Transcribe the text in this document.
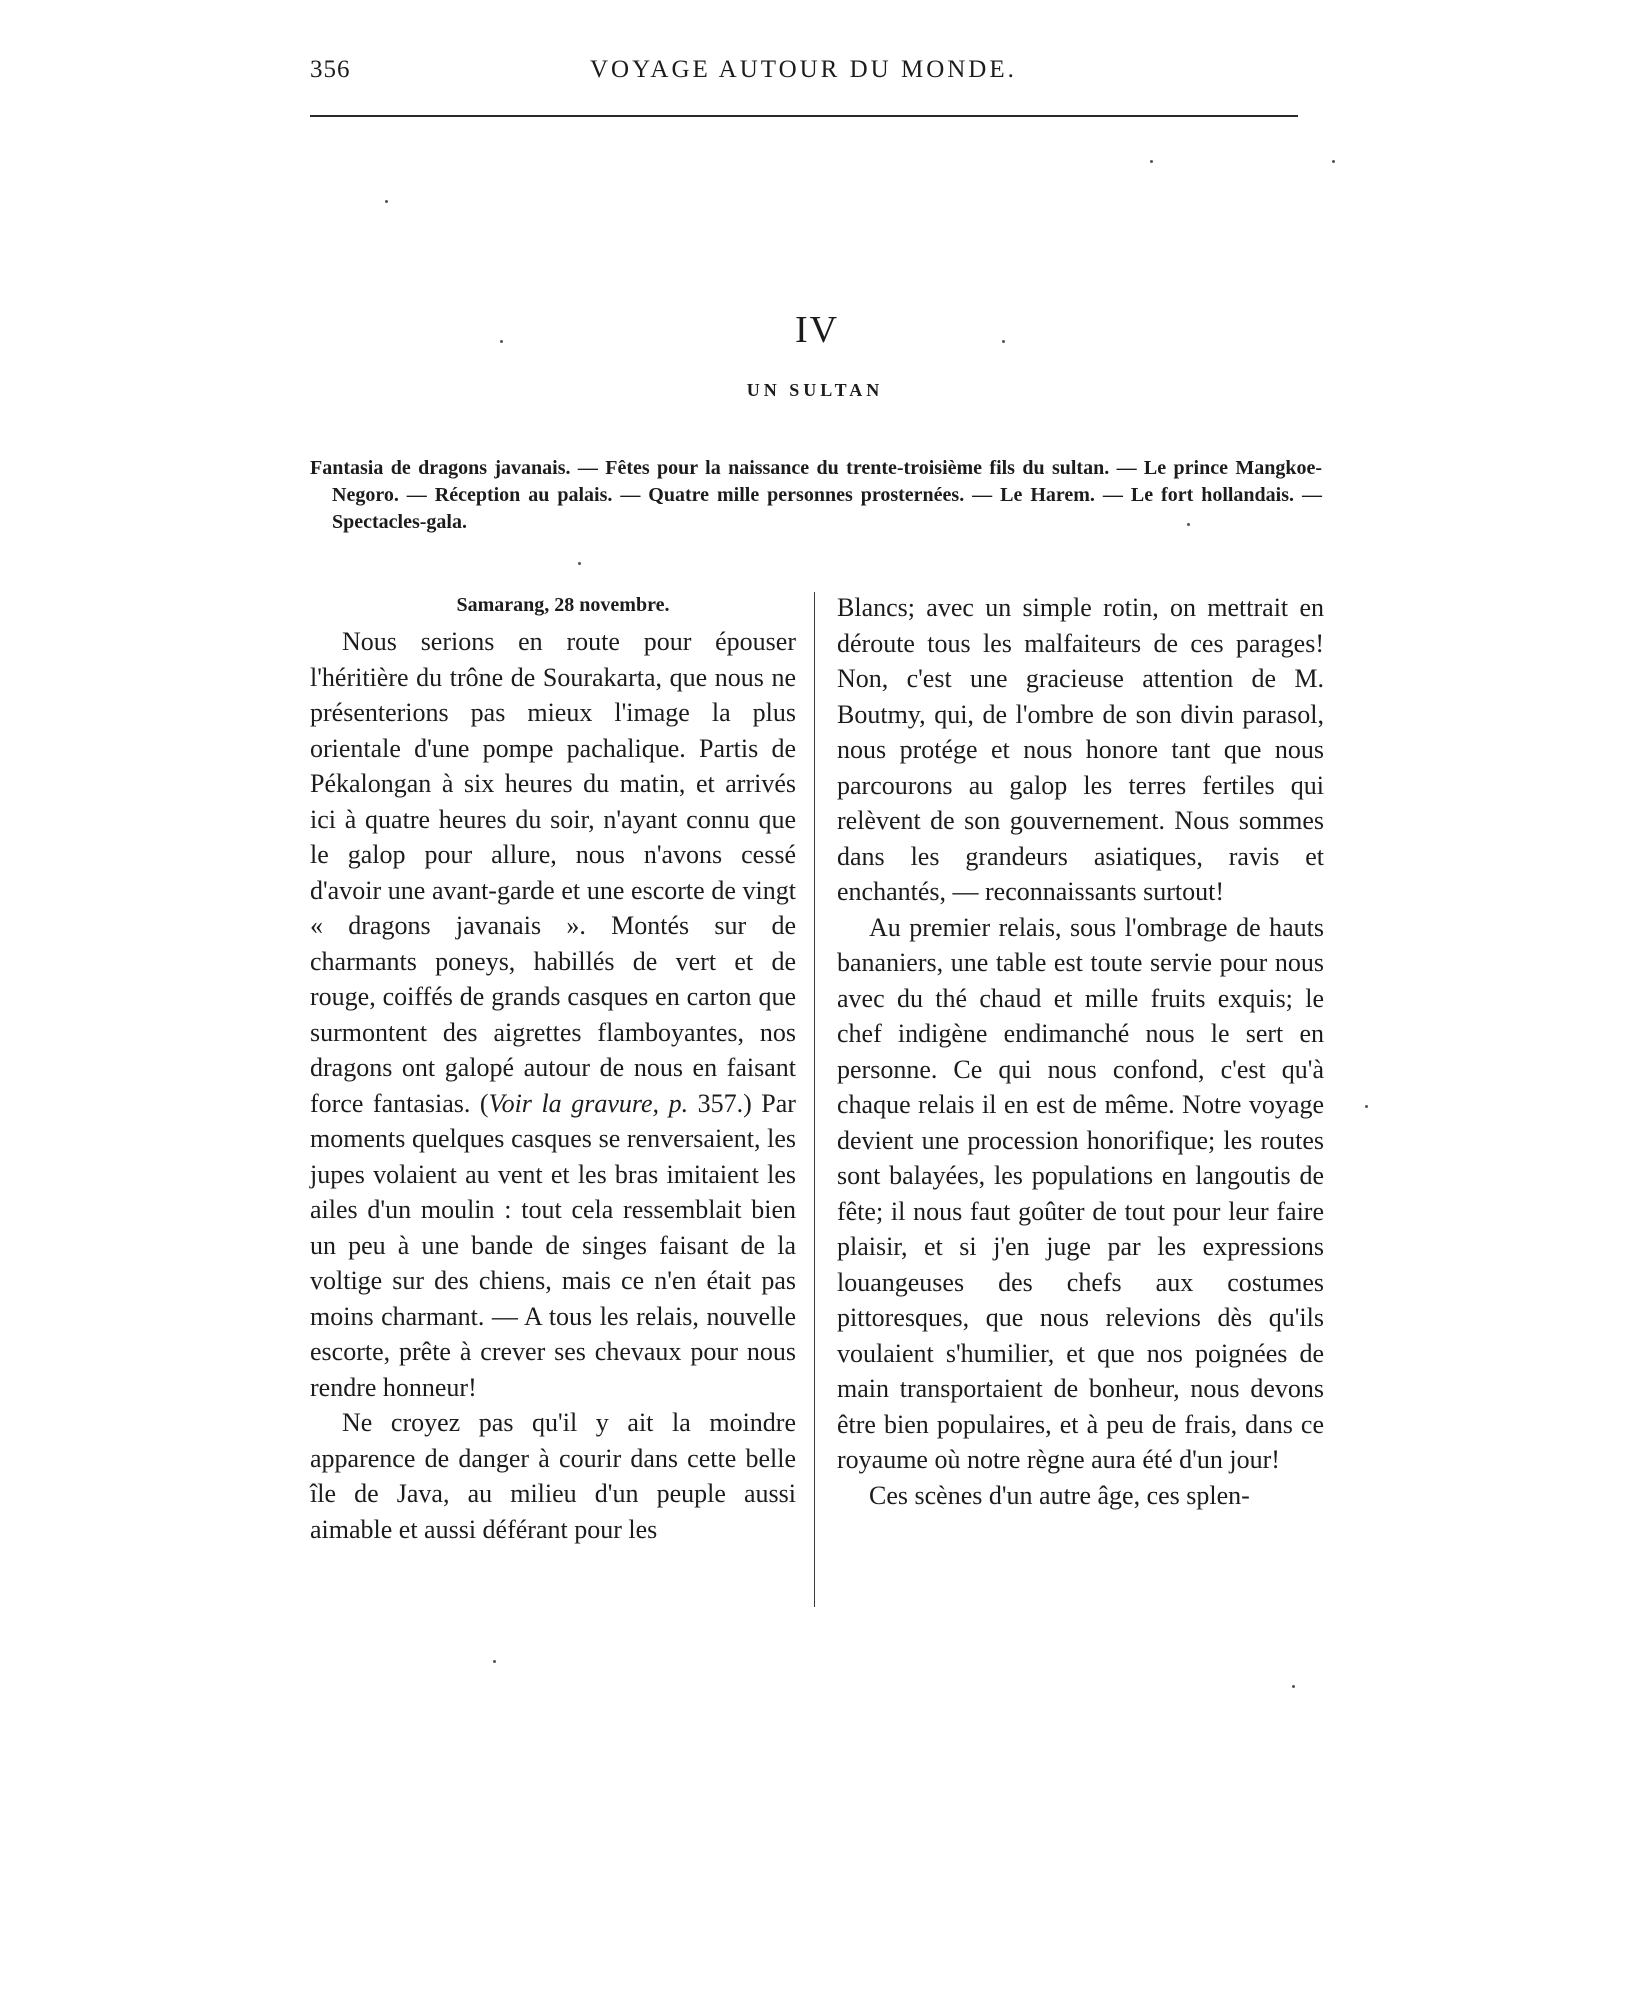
356	VOYAGE AUTOUR DU MONDE.
IV
UN SULTAN
Fantasia de dragons javanais. — Fêtes pour la naissance du trente-troisième fils du sultan. — Le prince Mangkoe-Negoro. — Réception au palais. — Quatre mille personnes prosternées. — Le Harem. — Le fort hollandais. — Spectacles-gala.
Samarang, 28 novembre.

Nous serions en route pour épouser l'héritière du trône de Sourakarta, que nous ne présenterions pas mieux l'image la plus orientale d'une pompe pachalique. Partis de Pékalongan à six heures du matin, et arrivés ici à quatre heures du soir, n'ayant connu que le galop pour allure, nous n'avons cessé d'avoir une avant-garde et une escorte de vingt « dragons javanais ». Montés sur de charmants poneys, habillés de vert et de rouge, coiffés de grands casques en carton que surmontent des aigrettes flamboyantes, nos dragons ont galopé autour de nous en faisant force fantasias. (Voir la gravure, p. 357.) Par moments quelques casques se renversaient, les jupes volaient au vent et les bras imitaient les ailes d'un moulin : tout cela ressemblait bien un peu à une bande de singes faisant de la voltige sur des chiens, mais ce n'en était pas moins charmant. — A tous les relais, nouvelle escorte, prête à crever ses chevaux pour nous rendre honneur!

Ne croyez pas qu'il y ait la moindre apparence de danger à courir dans cette belle île de Java, au milieu d'un peuple aussi aimable et aussi déférant pour les

Blancs; avec un simple rotin, on mettrait en déroute tous les malfaiteurs de ces parages! Non, c'est une gracieuse attention de M. Boutmy, qui, de l'ombre de son divin parasol, nous protége et nous honore tant que nous parcourons au galop les terres fertiles qui relèvent de son gouvernement. Nous sommes dans les grandeurs asiatiques, ravis et enchantés, — reconnaissants surtout!

Au premier relais, sous l'ombrage de hauts bananiers, une table est toute servie pour nous avec du thé chaud et mille fruits exquis; le chef indigène endimanché nous le sert en personne. Ce qui nous confond, c'est qu'à chaque relais il en est de même. Notre voyage devient une procession honorifique; les routes sont balayées, les populations en langoutis de fête; il nous faut goûter de tout pour leur faire plaisir, et si j'en juge par les expressions louangeuses des chefs aux costumes pittoresques, que nous relevions dès qu'ils voulaient s'humilier, et que nos poignées de main transportaient de bonheur, nous devons être bien populaires, et à peu de frais, dans ce royaume où notre règne aura été d'un jour!

Ces scènes d'un autre âge, ces splen-
